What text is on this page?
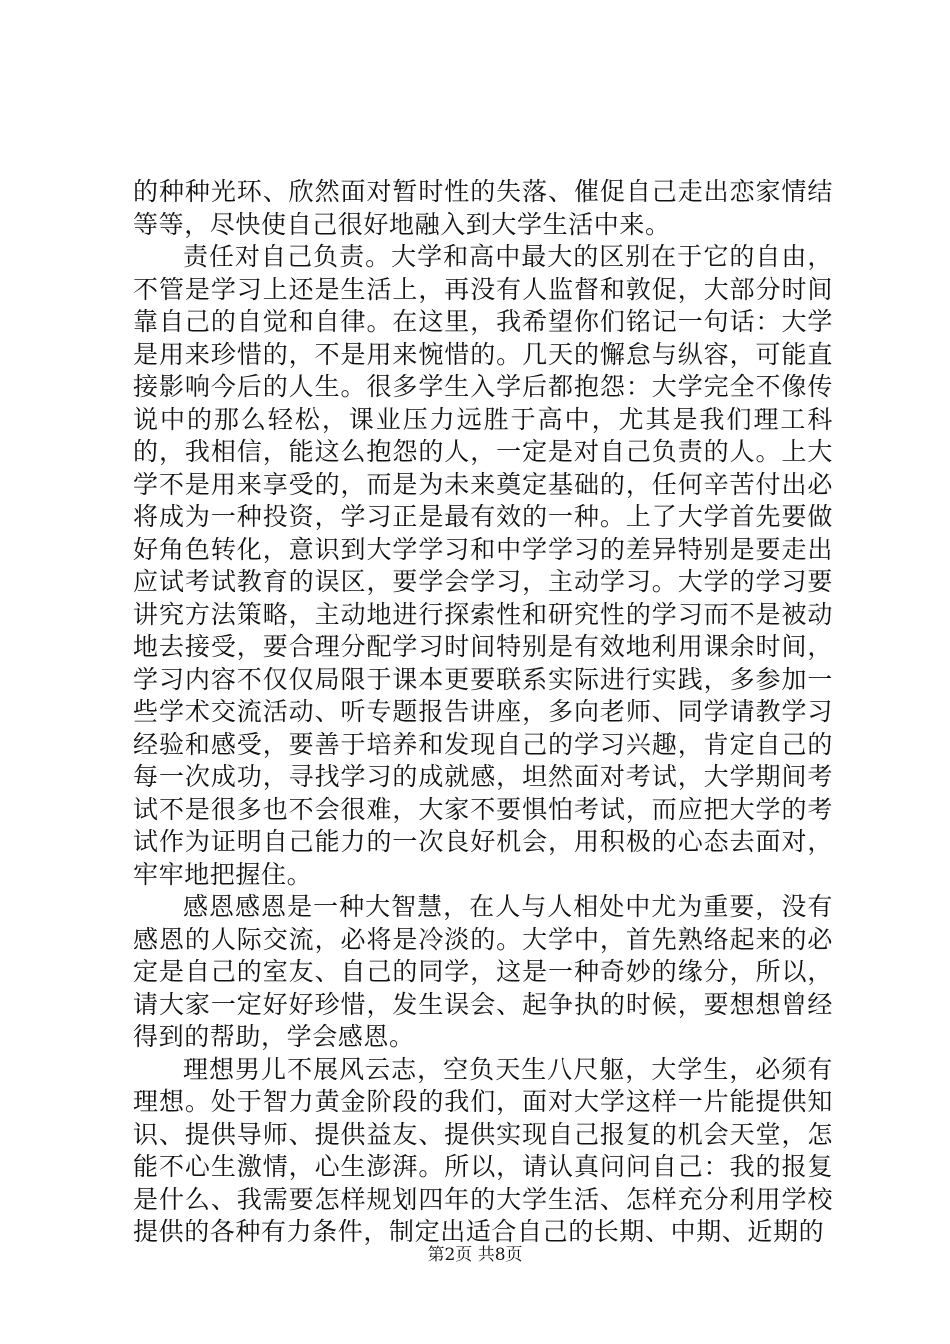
的种种光环、欣然面对暂时性的失落、催促自己走出恋家情结等等，尽快使自己很好地融入到大学生活中来。

责任对自己负责。大学和高中最大的区别在于它的自由，不管是学习上还是生活上，再没有人监督和敦促，大部分时间靠自己的自觉和自律。在这里，我希望你们铭记一句话：大学是用来珍惜的，不是用来惋惜的。几天的懈怠与纵容，可能直接影响今后的人生。很多学生入学后都抱怨：大学完全不像传说中的那么轻松，课业压力远胜于高中，尤其是我们理工科的，我相信，能这么抱怨的人，一定是对自己负责的人。上大学不是用来享受的，而是为未来奠定基础的，任何辛苦付出必将成为一种投资，学习正是最有效的一种。上了大学首先要做好角色转化，意识到大学学习和中学学习的差异特别是要走出应试考试教育的误区，要学会学习，主动学习。大学的学习要讲究方法策略，主动地进行探索性和研究性的学习而不是被动地去接受，要合理分配学习时间特别是有效地利用课余时间，学习内容不仅仅局限于课本更要联系实际进行实践，多参加一些学术交流活动、听专题报告讲座，多向老师、同学请教学习经验和感受，要善于培养和发现自己的学习兴趣，肯定自己的每一次成功，寻找学习的成就感，坦然面对考试，大学期间考试不是很多也不会很难，大家不要惧怕考试，而应把大学的考试作为证明自己能力的一次良好机会，用积极的心态去面对，牢牢地把握住。

感恩感恩是一种大智慧，在人与人相处中尤为重要，没有感恩的人际交流，必将是冷淡的。大学中，首先熟络起来的必定是自己的室友、自己的同学，这是一种奇妙的缘分，所以，请大家一定好好珍惜，发生误会、起争执的时候，要想想曾经得到的帮助，学会感恩。

理想男儿不展风云志，空负天生八尺躯，大学生，必须有理想。处于智力黄金阶段的我们，面对大学这样一片能提供知识、提供导师、提供益友、提供实现自己报复的机会天堂，怎能不心生激情，心生澎湃。所以，请认真问问自己：我的报复是什么、我需要怎样规划四年的大学生活、怎样充分利用学校提供的各种有力条件，制定出适合自己的长期、中期、近期的

第2页 共8页
